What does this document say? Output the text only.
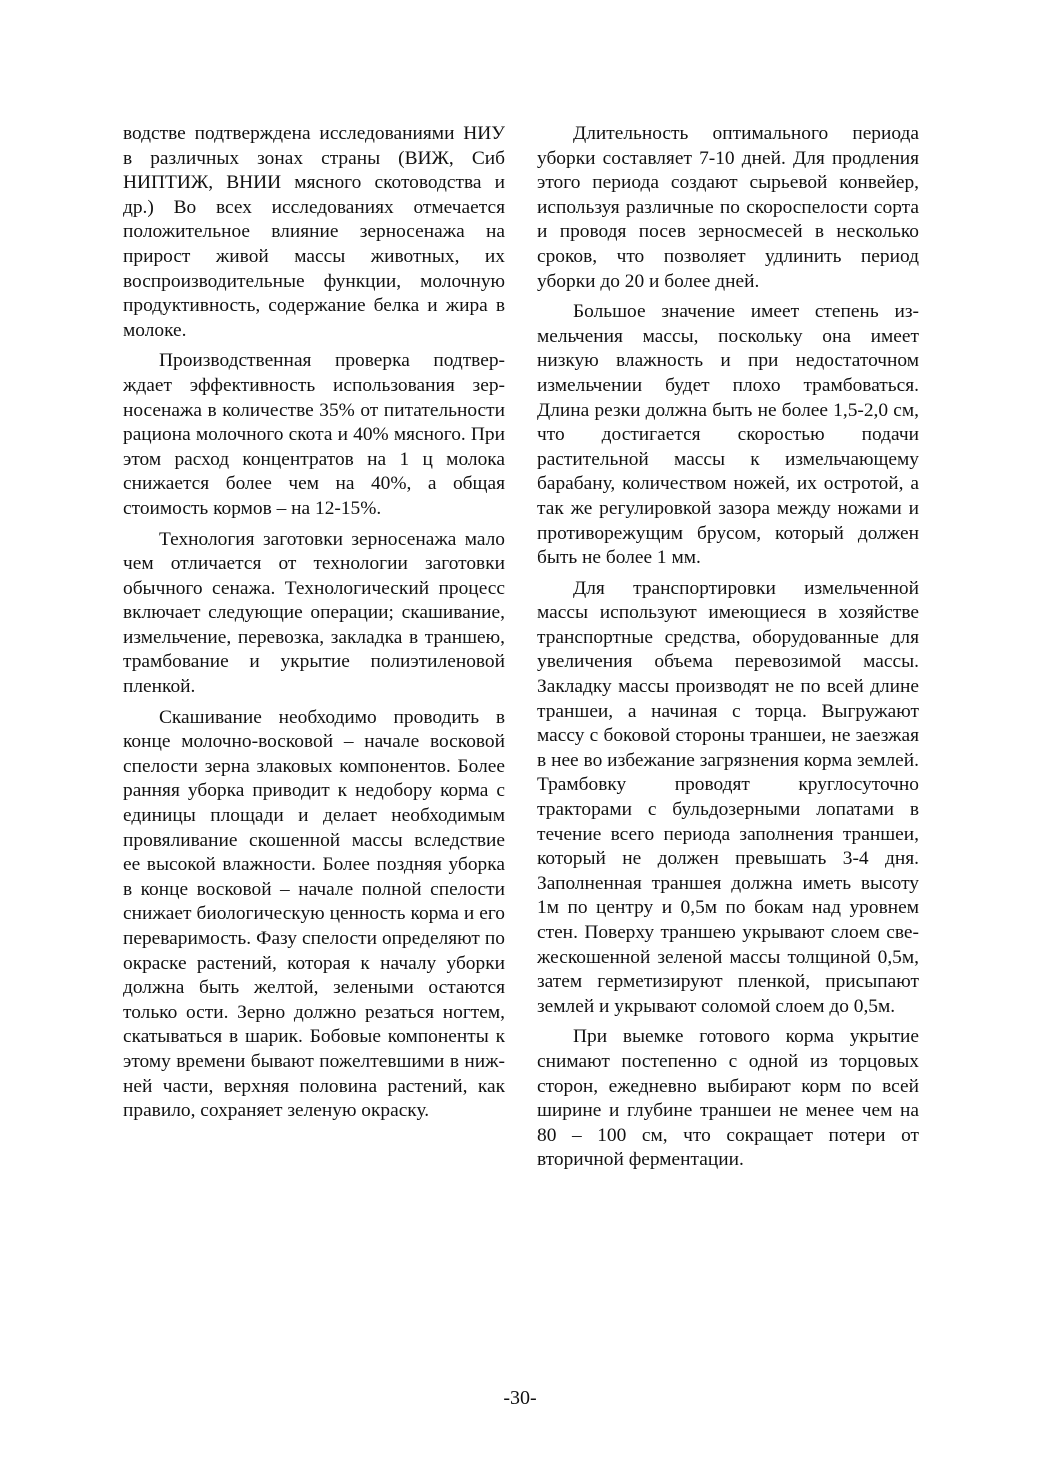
водстве подтверждена исследованиями НИУ в различных зонах страны (ВИЖ, Сиб НИПТИЖ, ВНИИ мясного скотоводства и др.) Во всех исследованиях отмечается положительное влияние зерносенажа на прирост живой массы животных, их воспроизводительные функции, молочную продуктивность, содержание белка и жира в молоке.

Производственная проверка подтверждает эффективность использования зерносенажа в количестве 35% от питательности рациона молочного скота и 40% мясного. При этом расход концентратов на 1 ц молока снижается более чем на 40%, а общая стоимость кормов – на 12-15%.

Технология заготовки зерносенажа мало чем отличается от технологии заготовки обычного сенажа. Технологический процесс включает следующие операции; скашивание, измельчение, перевозка, закладка в траншею, трамбование и укрытие полиэтиленовой пленкой.

Скашивание необходимо проводить в конце молочно-восковой – начале восковой спелости зерна злаковых компонентов. Более ранняя уборка приводит к недобору корма с единицы площади и делает необходимым провяливание скошенной массы вследствие ее высокой влажности. Более поздняя уборка в конце восковой – начале полной спелости снижает биологическую ценность корма и его переваримость. Фазу спелости определяют по окраске растений, которая к началу уборки должна быть желтой, зелеными остаются только ости. Зерно должно резаться ногтем, скатываться в шарик. Бобовые компоненты к этому времени бывают пожелтевшими в нижней части, верхняя половина растений, как правило, сохраняет зеленую окраску.

Длительность оптимального периода уборки составляет 7-10 дней. Для продления этого периода создают сырьевой конвейер, используя различные по скороспелости сорта и проводя посев зерносмесей в несколько сроков, что позволяет удлинить период уборки до 20 и более дней.

Большое значение имеет степень измельчения массы, поскольку она имеет низкую влажность и при недостаточном измельчении будет плохо трамбоваться. Длина резки должна быть не более 1,5-2,0 см, что достигается скоростью подачи растительной массы к измельчающему барабану, количеством ножей, их остротой, а так же регулировкой зазора между ножами и противорежущим брусом, который должен быть не более 1 мм.

Для транспортировки измельченной массы используют имеющиеся в хозяйстве транспортные средства, оборудованные для увеличения объема перевозимой массы. Закладку массы производят не по всей длине траншеи, а начиная с торца. Выгружают массу с боковой стороны траншеи, не заезжая в нее во избежание загрязнения корма землей. Трамбовку проводят круглосуточно тракторами с бульдозерными лопатами в течение всего периода заполнения траншеи, который не должен превышать 3-4 дня. Заполненная траншея должна иметь высоту 1м по центру и 0,5м по бокам над уровнем стен. Поверху траншею укрывают слоем свежескошенной зеленой массы толщиной 0,5м, затем герметизируют пленкой, присыпают землей и укрывают соломой слоем до 0,5м.

При выемке готового корма укрытие снимают постепенно с одной из торцовых сторон, ежедневно выбирают корм по всей ширине и глубине траншеи не менее чем на 80 – 100 см, что сокращает потери от вторичной ферментации.

-30-
